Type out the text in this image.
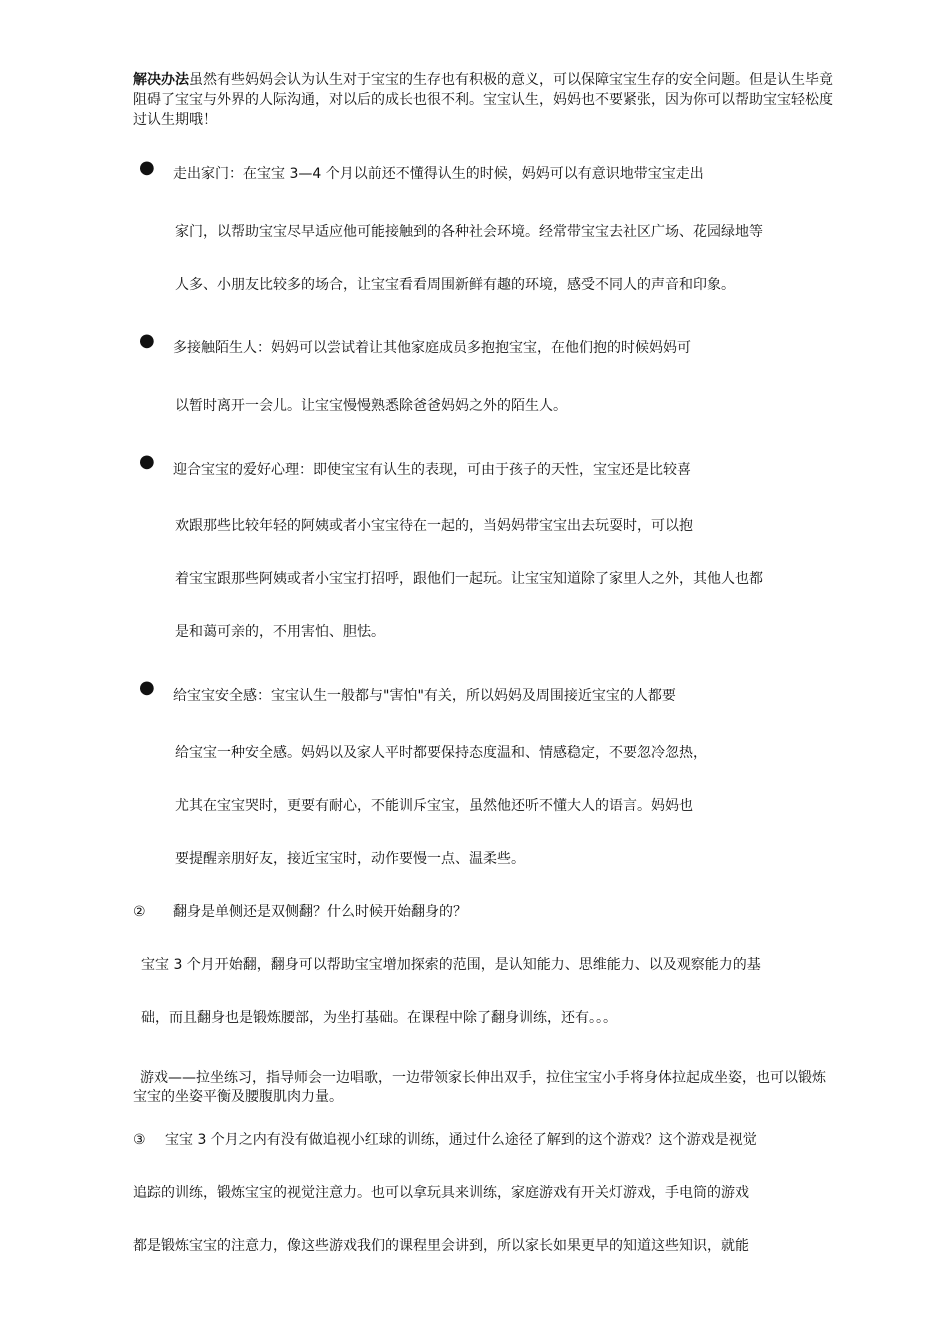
解决办法虽然有些妈妈会认为认生对于宝宝的生存也有积极的意义，可以保障宝宝生存的安全问题。但是认生毕竟阻碍了宝宝与外界的人际沟通，对以后的成长也很不利。宝宝认生，妈妈也不要紧张，因为你可以帮助宝宝轻松度过认生期哦！
● 走出家门：在宝宝 3—4 个月以前还不懂得认生的时候，妈妈可以有意识地带宝宝走出
家门，以帮助宝宝尽早适应他可能接触到的各种社会环境。经常带宝宝去社区广场、花园绿地等
人多、小朋友比较多的场合，让宝宝看看周围新鲜有趣的环境，感受不同人的声音和印象。
● 多接触陌生人：妈妈可以尝试着让其他家庭成员多抱抱宝宝，在他们抱的时候妈妈可
以暂时离开一会儿。让宝宝慢慢熟悉除爸爸妈妈之外的陌生人。
● 迎合宝宝的爱好心理：即使宝宝有认生的表现，可由于孩子的天性，宝宝还是比较喜
欢跟那些比较年轻的阿姨或者小宝宝待在一起的，当妈妈带宝宝出去玩耍时，可以抱
着宝宝跟那些阿姨或者小宝宝打招呼，跟他们一起玩。让宝宝知道除了家里人之外，其他人也都
是和蔼可亲的，不用害怕、胆怯。
● 给宝宝安全感：宝宝认生一般都与"害怕"有关，所以妈妈及周围接近宝宝的人都要
给宝宝一种安全感。妈妈以及家人平时都要保持态度温和、情感稳定，不要忽冷忽热，
尤其在宝宝哭时，更要有耐心，不能训斥宝宝，虽然他还听不懂大人的语言。妈妈也
要提醒亲朋好友，接近宝宝时，动作要慢一点、温柔些。
② 翻身是单侧还是双侧翻？什么时候开始翻身的？
宝宝 3 个月开始翻，翻身可以帮助宝宝增加探索的范围，是认知能力、思维能力、以及观察能力的基
础，而且翻身也是锻炼腰部，为坐打基础。在课程中除了翻身训练，还有。。。
游戏——拉坐练习，指导师会一边唱歌，一边带领家长伸出双手，拉住宝宝小手将身体拉起成坐姿，也可以锻炼宝宝的坐姿平衡及腰腹肌肉力量。
③ 宝宝 3 个月之内有没有做追视小红球的训练，通过什么途径了解到的这个游戏？这个游戏是视觉
追踪的训练，锻炼宝宝的视觉注意力。也可以拿玩具来训练，家庭游戏有开关灯游戏，手电筒的游戏
都是锻炼宝宝的注意力，像这些游戏我们的课程里会讲到，所以家长如果更早的知道这些知识，就能
